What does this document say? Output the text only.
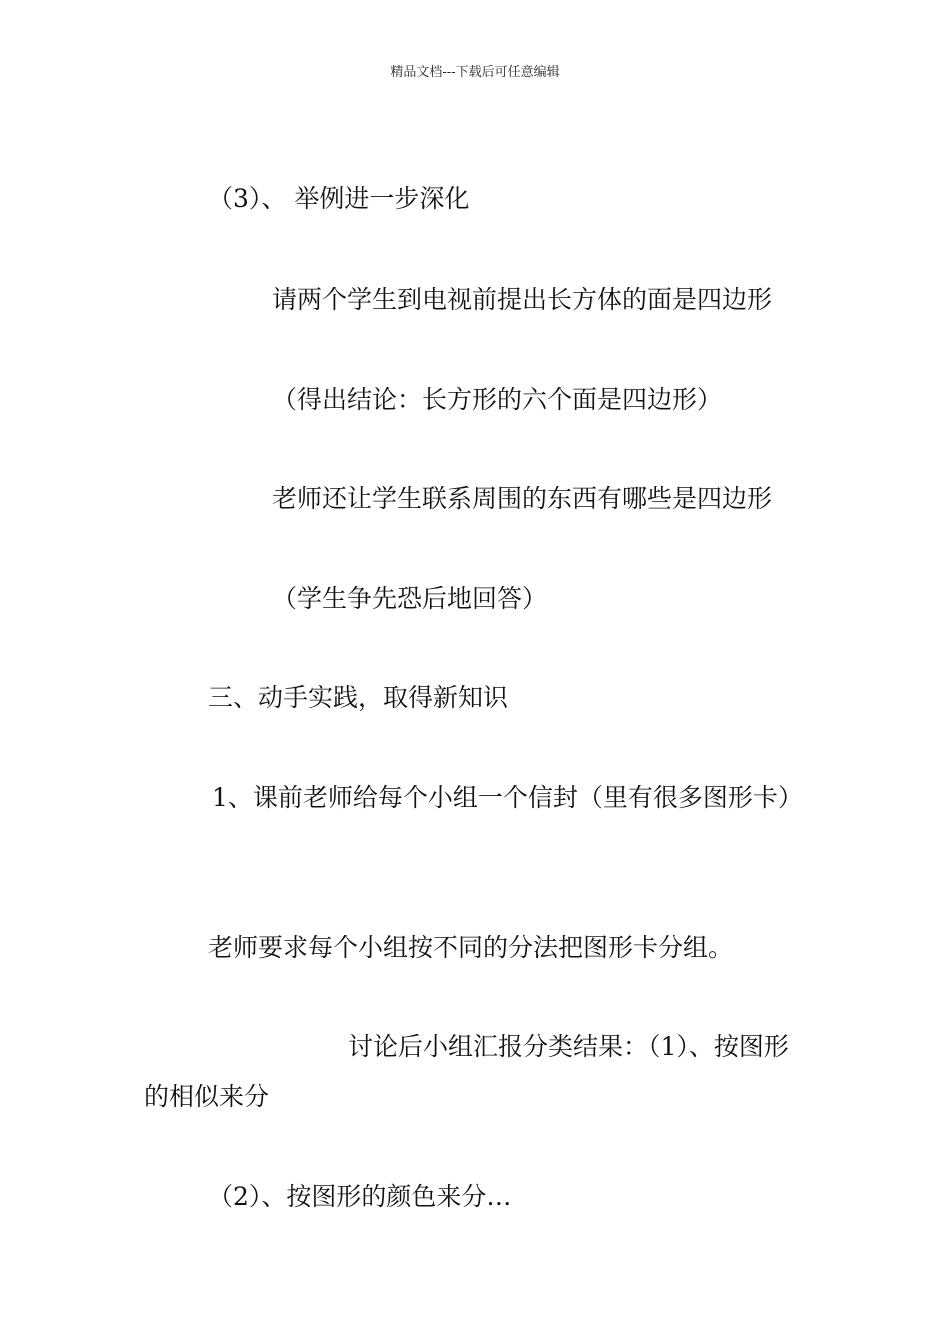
精品文档---下载后可任意编辑
（3）、 举例进一步深化
请两个学生到电视前提出长方体的面是四边形
（得出结论：长方形的六个面是四边形）
老师还让学生联系周围的东西有哪些是四边形
（学生争先恐后地回答）
三、动手实践，取得新知识
1、课前老师给每个小组一个信封（里有很多图形卡）
老师要求每个小组按不同的分法把图形卡分组。
讨论后小组汇报分类结果：（1）、按图形的相似来分
（2）、按图形的颜色来分…
